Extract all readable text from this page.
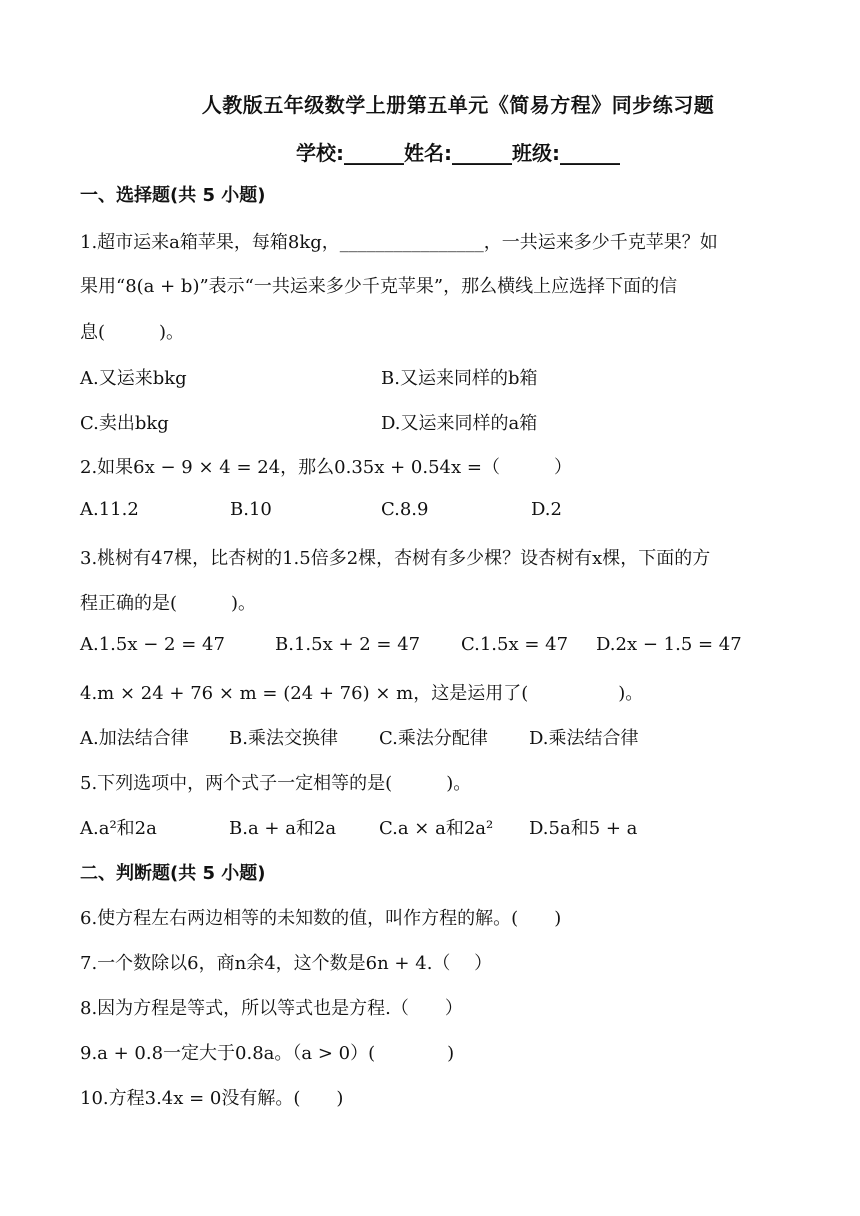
人教版五年级数学上册第五单元《简易方程》同步练习题
学校:______姓名:______班级:______
一、选择题(共 5 小题)
1.超市运来a箱苹果，每箱8kg，________________，一共运来多少千克苹果？如
果用“8(a + b)”表示“一共运来多少千克苹果”，那么横线上应选择下面的信
息(　　　)。
A.又运来bkg	B.又运来同样的b箱
C.卖出bkg	D.又运来同样的a箱
2.如果6x − 9 × 4 = 24，那么0.35x + 0.54x =（　　　）
A.11.2	B.10	C.8.9	D.2
3.桃树有47棵，比杏树的1.5倍多2棵，杏树有多少棵？设杏树有x棵，下面的方
程正确的是(　　　)。
A.1.5x − 2 = 47	B.1.5x + 2 = 47 C.1.5x = 47 D.2x − 1.5 = 47
4.m × 24 + 76 × m = (24 + 76) × m，这是运用了(　　　　　)。
A.加法结合律 B.乘法交换律 C.乘法分配律 D.乘法结合律
5.下列选项中，两个式子一定相等的是(　　　)。
A.a²和2a	B.a + a和2a C.a × a和2a² D.5a和5 + a
二、判断题(共 5 小题)
6.使方程左右两边相等的未知数的值，叫作方程的解。(　　)
7.一个数除以6，商n余4，这个数是6n + 4.（　 ）
8.因为方程是等式，所以等式也是方程.（　　）
9.a + 0.8一定大于0.8a。（a > 0）(　　　　)
10.方程3.4x = 0没有解。(　　)
